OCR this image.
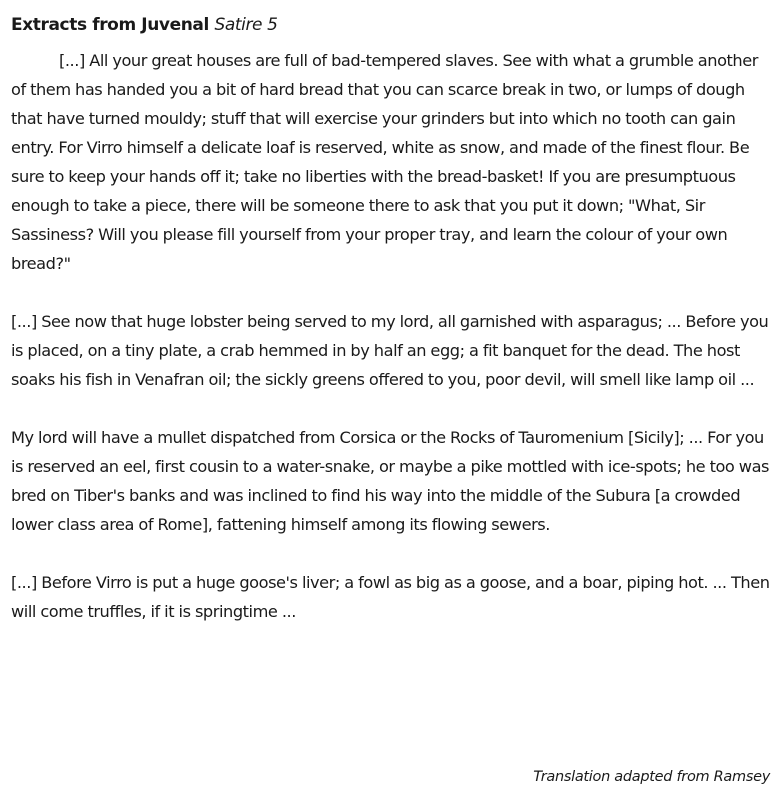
Extracts from Juvenal Satire 5

[...] All your great houses are full of bad-tempered slaves. See with what a grumble another of them has handed you a bit of hard bread that you can scarce break in two, or lumps of dough that have turned mouldy; stuff that will exercise your grinders but into which no tooth can gain entry. For Virro himself a delicate loaf is reserved, white as snow, and made of the finest flour. Be sure to keep your hands off it; take no liberties with the bread-basket! If you are presumptuous enough to take a piece, there will be someone there to ask that you put it down; "What, Sir Sassiness? Will you please fill yourself from your proper tray, and learn the colour of your own bread?"

[...] See now that huge lobster being served to my lord, all garnished with asparagus; ... Before you is placed, on a tiny plate, a crab hemmed in by half an egg; a fit banquet for the dead. The host soaks his fish in Venafran oil; the sickly greens offered to you, poor devil, will smell like lamp oil ...

My lord will have a mullet dispatched from Corsica or the Rocks of Tauromenium [Sicily]; ... For you is reserved an eel, first cousin to a water-snake, or maybe a pike mottled with ice-spots; he too was bred on Tiber's banks and was inclined to find his way into the middle of the Subura [a crowded lower class area of Rome], fattening himself among its flowing sewers.

[...] Before Virro is put a huge goose's liver; a fowl as big as a goose, and a boar, piping hot. ... Then will come truffles, if it is springtime ...

Translation adapted from Ramsey
